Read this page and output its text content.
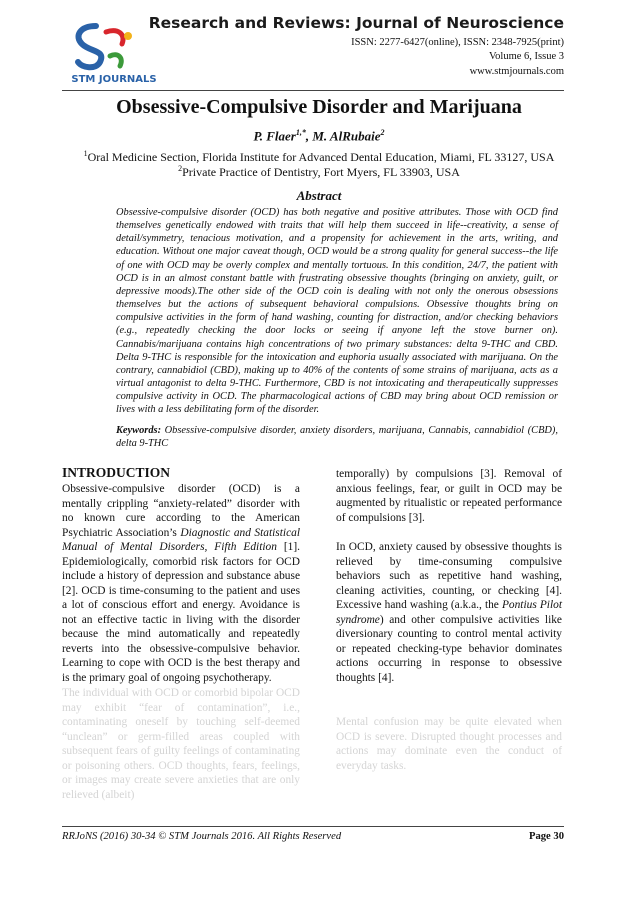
STM JOURNALS
Research and Reviews: Journal of Neuroscience
ISSN: 2277-6427(online), ISSN: 2348-7925(print)
Volume 6, Issue 3
www.stmjournals.com
Obsessive-Compulsive Disorder and Marijuana
P. Flaer$^{1,*}$, M. AlRubaie$^2$
$^1$Oral Medicine Section, Florida Institute for Advanced Dental Education, Miami, FL 33127, USA
$^2$Private Practice of Dentistry, Fort Myers, FL 33903, USA
Abstract

Obsessive-compulsive disorder (OCD) has both negative and positive attributes. Those with OCD find themselves genetically endowed with traits that will help them succeed in life--creativity, a sense of detail/symmetry, tenacious motivation, and a propensity for achievement in the arts, writing, and education. Without one major caveat though, OCD would be a strong quality for general success--the life of one with OCD may be overly complex and mentally tortuous. In this condition, 24/7, the patient with OCD is in an almost constant battle with frustrating obsessive thoughts (bringing on anxiety, guilt, or depressive moods).The other side of the OCD coin is dealing with not only the onerous obsessions themselves but the actions of subsequent behavioral compulsions. Obsessive thoughts bring on compulsive activities in the form of hand washing, counting for distraction, and/or checking behaviors (e.g., repeatedly checking the door locks or seeing if anyone left the stove burner on). Cannabis/marijuana contains high concentrations of two primary substances: delta 9-THC and CBD. Delta 9-THC is responsible for the intoxication and euphoria usually associated with marijuana. On the contrary, cannabidiol (CBD), making up to 40% of the contents of some strains of marijuana, acts as a virtual antagonist to delta 9-THC. Furthermore, CBD is not intoxicating and therapeutically suppresses compulsive activity in OCD. The pharmacological actions of CBD may bring about OCD remission or lives with a less debilitating form of the disorder.

Keywords: Obsessive-compulsive disorder, anxiety disorders, marijuana, Cannabis, cannabidiol (CBD), delta 9-THC

INTRODUCTION

Obsessive-compulsive disorder (OCD) is a mentally crippling “anxiety-related” disorder with no known cure according to the American Psychiatric Association’s Diagnostic and Statistical Manual of Mental Disorders, Fifth Edition [1]. Epidemiologically, comorbid risk factors for OCD include a history of depression and substance abuse [2]. OCD is time-consuming to the patient and uses a lot of conscious effort and energy. Avoidance is not an effective tactic in living with the disorder because the mind automatically and repeatedly reverts into the obsessive-compulsive behavior. Learning to cope with OCD is the best therapy and is the primary goal of ongoing psychotherapy.

The individual with OCD or comorbid bipolar OCD may exhibit “fear of contamination”, i.e., contaminating oneself by touching self-deemed “unclean” or germ-filled areas coupled with subsequent fears of guilty feelings of contaminating or poisoning others. OCD thoughts, fears, feelings, or images may create severe anxieties that are only relieved (albeit)

temporally) by compulsions [3]. Removal of anxious feelings, fear, or guilt in OCD may be augmented by ritualistic or repeated performance of compulsions [3].

In OCD, anxiety caused by obsessive thoughts is relieved by time-consuming compulsive behaviors such as repetitive hand washing, cleaning activities, counting, or checking [4]. Excessive hand washing (a.k.a., the Pontius Pilot syndrome) and other compulsive activities like diversionary counting to control mental activity or repeated checking-type behavior dominates actions occurring in response to obsessive thoughts [4].

Mental confusion may be quite elevated when OCD is severe. Disrupted thought processes and actions may dominate even the conduct of everyday tasks.

RRJoNS (2016) 30-34 © STM Journals 2016. All Rights Reserved	Page 30
